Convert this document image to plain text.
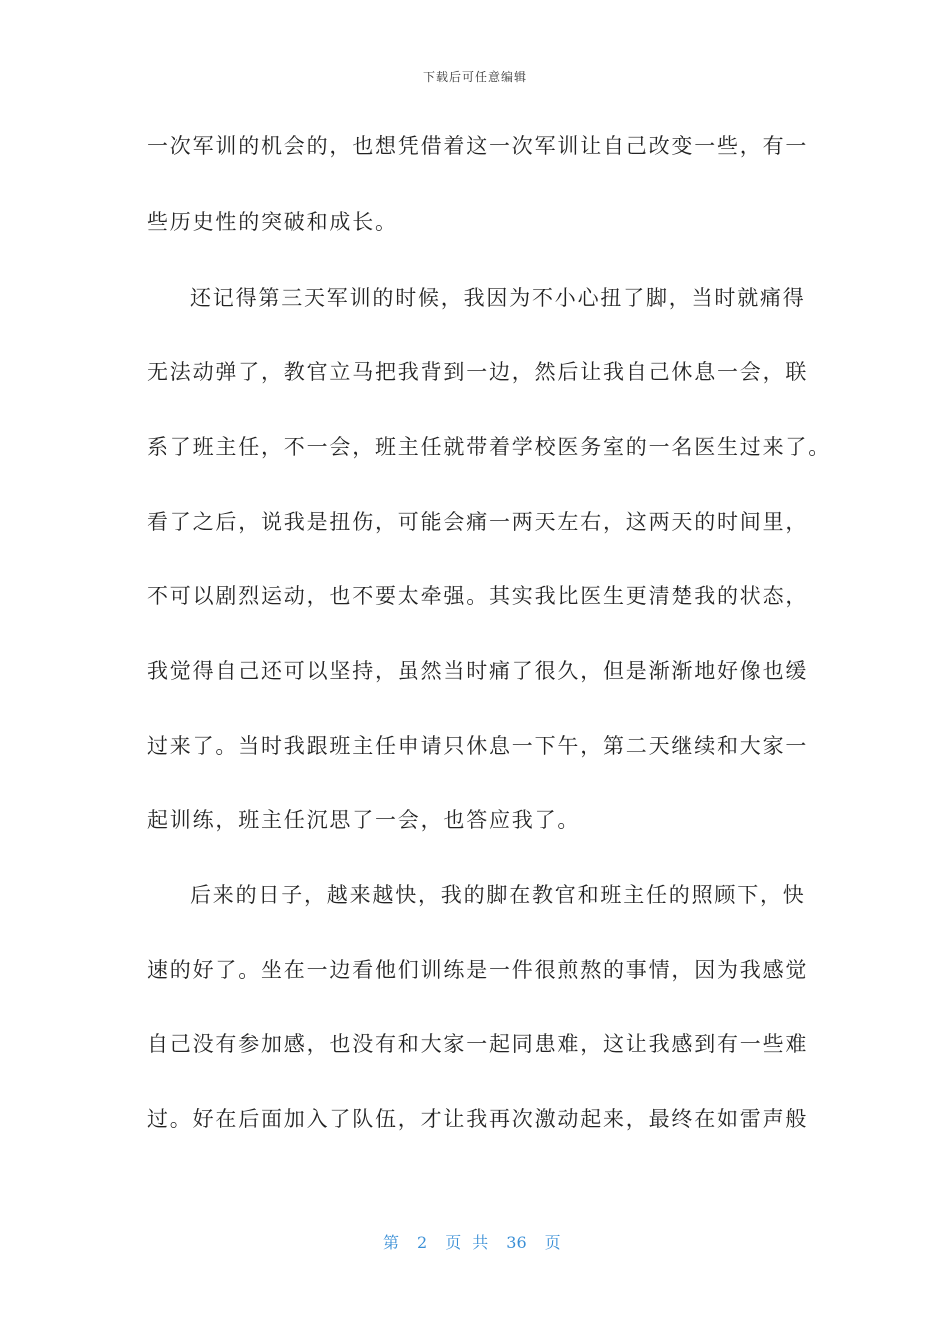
下载后可任意编辑
一次军训的机会的，也想凭借着这一次军训让自己改变一些，有一
些历史性的突破和成长。
还记得第三天军训的时候，我因为不小心扭了脚，当时就痛得
无法动弹了，教官立马把我背到一边，然后让我自己休息一会，联
系了班主任，不一会，班主任就带着学校医务室的一名医生过来了。
看了之后，说我是扭伤，可能会痛一两天左右，这两天的时间里，
不可以剧烈运动，也不要太牵强。其实我比医生更清楚我的状态，
我觉得自己还可以坚持，虽然当时痛了很久，但是渐渐地好像也缓
过来了。当时我跟班主任申请只休息一下午，第二天继续和大家一
起训练，班主任沉思了一会，也答应我了。
后来的日子，越来越快，我的脚在教官和班主任的照顾下，快
速的好了。坐在一边看他们训练是一件很煎熬的事情，因为我感觉
自己没有参加感，也没有和大家一起同患难，这让我感到有一些难
过。好在后面加入了队伍，才让我再次激动起来，最终在如雷声般
第 2 页 共 36 页
